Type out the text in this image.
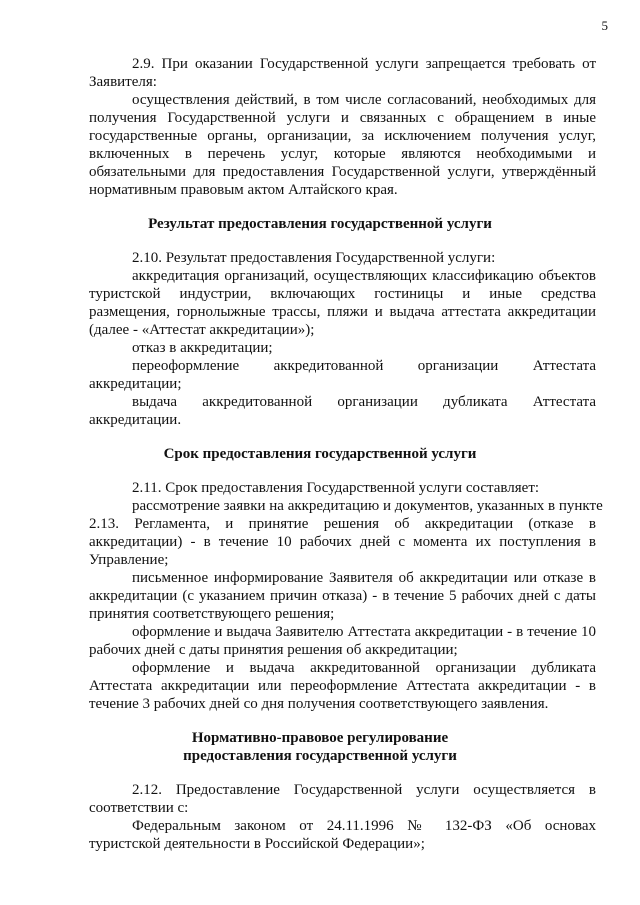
5
2.9. При оказании Государственной услуги запрещается требовать от
Заявителя:
осуществления действий, в том числе согласований, необходимых для
получения Государственной услуги и связанных с обращением в иные
государственные органы, организации, за исключением получения услуг,
включенных в перечень услуг, которые являются необходимыми и
обязательными для предоставления Государственной услуги, утверждённый
нормативным правовым актом Алтайского края.
Результат предоставления государственной услуги
2.10. Результат предоставления Государственной услуги:
аккредитация организаций, осуществляющих классификацию объектов
туристской индустрии, включающих гостиницы и иные средства
размещения, горнолыжные трассы, пляжи и выдача аттестата аккредитации
(далее - «Аттестат аккредитации»);
отказ в аккредитации;
переоформление аккредитованной организации Аттестата
аккредитации;
выдача аккредитованной организации дубликата Аттестата
аккредитации.
Срок предоставления государственной услуги
2.11. Срок предоставления Государственной услуги составляет:
рассмотрение заявки на аккредитацию и документов, указанных в пункте
2.13. Регламента, и принятие решения об аккредитации (отказе в
аккредитации) - в течение 10 рабочих дней с момента их поступления в
Управление;
письменное информирование Заявителя об аккредитации или отказе в
аккредитации (с указанием причин отказа) - в течение 5 рабочих дней с даты
принятия соответствующего решения;
оформление и выдача Заявителю Аттестата аккредитации - в течение 10
рабочих дней с даты принятия решения об аккредитации;
оформление и выдача аккредитованной организации дубликата
Аттестата аккредитации или переоформление Аттестата аккредитации - в
течение 3 рабочих дней со дня получения соответствующего заявления.
Нормативно-правовое регулирование
предоставления государственной услуги
2.12. Предоставление Государственной услуги осуществляется в
соответствии с:
Федеральным законом от 24.11.1996 № 132-ФЗ «Об основах
туристской деятельности в Российской Федерации»;
